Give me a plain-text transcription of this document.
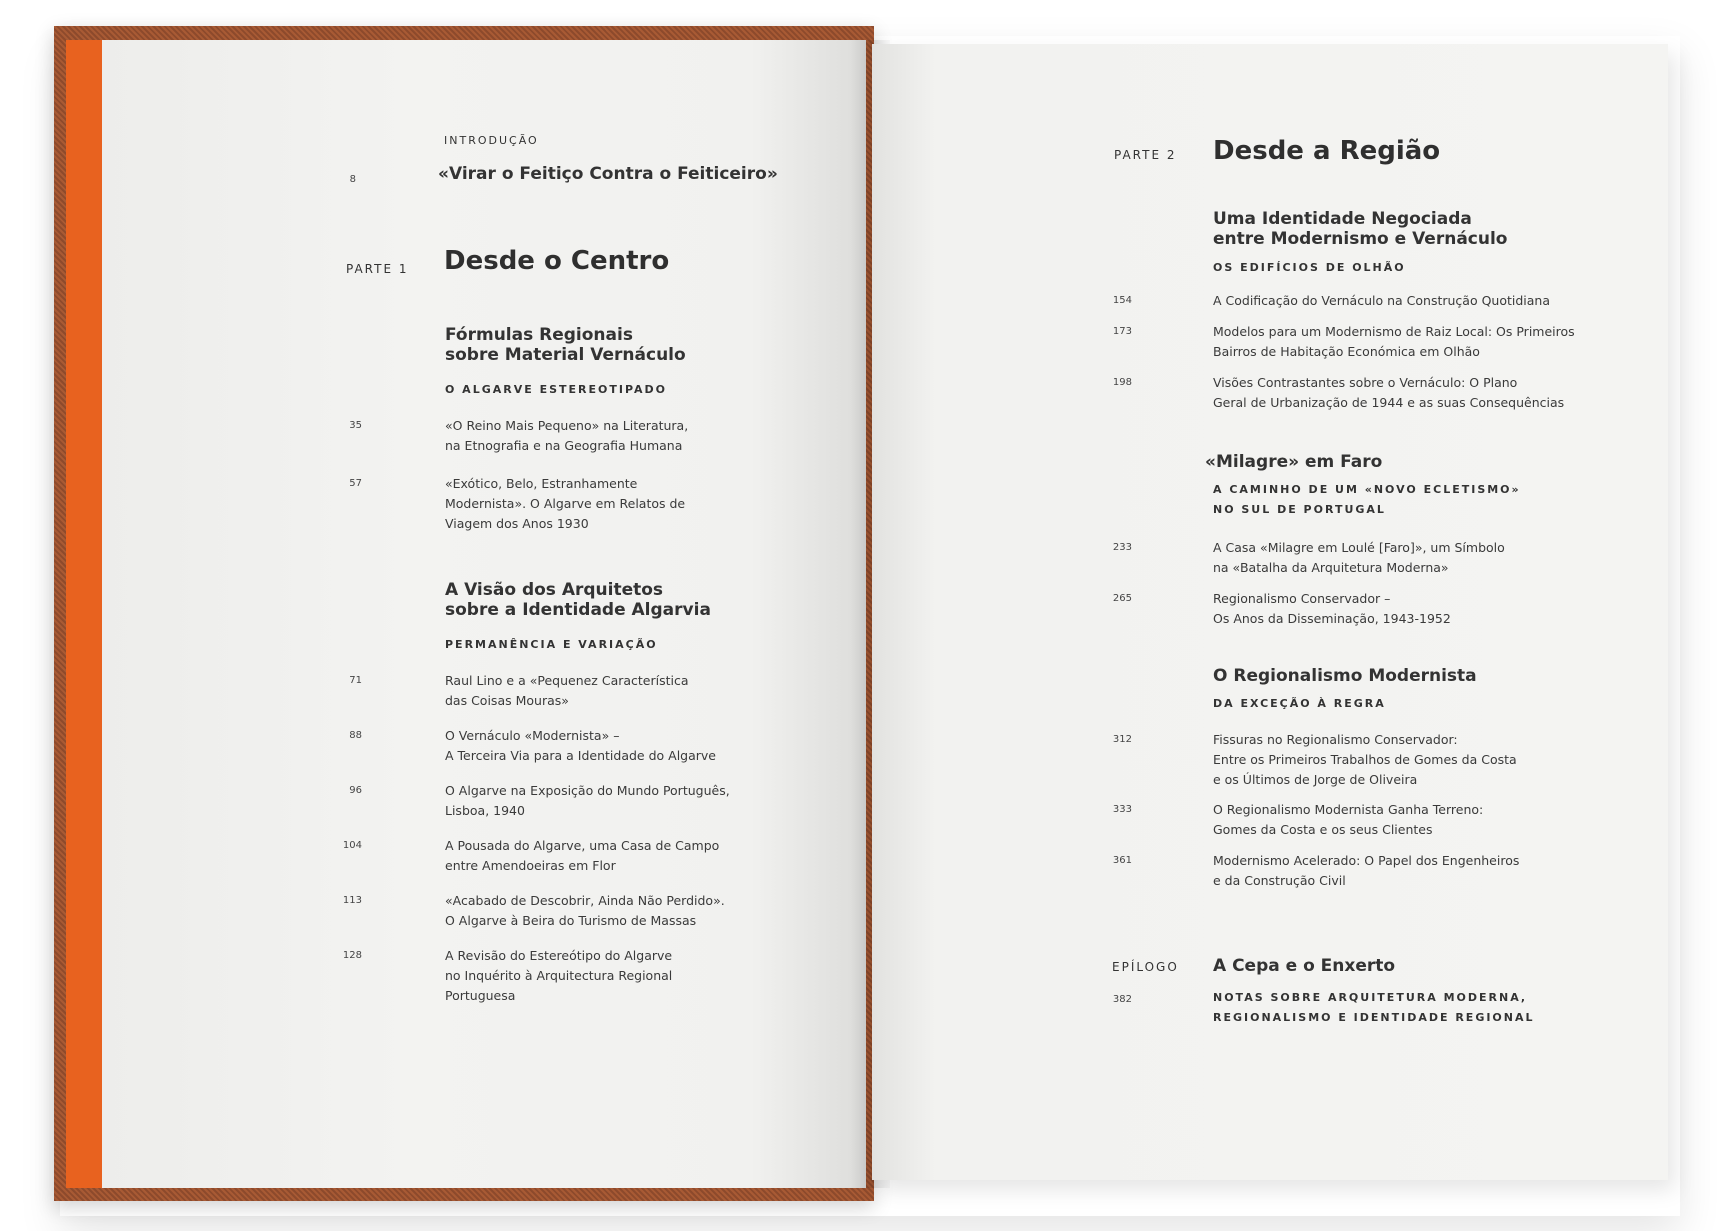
INTRODUÇÃO
8	«Virar o Feitiço Contra o Feiticeiro»
PARTE 1 Desde o Centro
Fórmulas Regionais
sobre Material Vernáculo
O ALGARVE ESTEREOTIPADO
35	«O Reino Mais Pequeno» na Literatura,
na Etnografia e na Geografia Humana
57	«Exótico, Belo, Estranhamente
Modernista». O Algarve em Relatos de
Viagem dos Anos 1930
A Visão dos Arquitetos
sobre a Identidade Algarvia
PERMANÊNCIA E VARIAÇÃO
71	Raul Lino e a «Pequenez Característica
das Coisas Mouras»
88	O Vernáculo «Modernista» –
A Terceira Via para a Identidade do Algarve
96	O Algarve na Exposição do Mundo Português,
Lisboa, 1940
104	A Pousada do Algarve, uma Casa de Campo
entre Amendoeiras em Flor
113	«Acabado de Descobrir, Ainda Não Perdido».
O Algarve à Beira do Turismo de Massas
128	A Revisão do Estereótipo do Algarve
no Inquérito à Arquitectura Regional
Portuguesa
PARTE 2 Desde a Região
Uma Identidade Negociada
entre Modernismo e Vernáculo
OS EDIFÍCIOS DE OLHÃO
154	A Codificação do Vernáculo na Construção Quotidiana
173	Modelos para um Modernismo de Raiz Local: Os Primeiros
Bairros de Habitação Económica em Olhão
198	Visões Contrastantes sobre o Vernáculo: O Plano
Geral de Urbanização de 1944 e as suas Consequências
«Milagre» em Faro
A CAMINHO DE UM «NOVO ECLETISMO»
NO SUL DE PORTUGAL
233	A Casa «Milagre em Loulé [Faro]», um Símbolo
na «Batalha da Arquitetura Moderna»
265	Regionalismo Conservador –
Os Anos da Disseminação, 1943-1952
O Regionalismo Modernista
DA EXCEÇÃO À REGRA
312	Fissuras no Regionalismo Conservador:
Entre os Primeiros Trabalhos de Gomes da Costa
e os Últimos de Jorge de Oliveira
333	O Regionalismo Modernista Ganha Terreno:
Gomes da Costa e os seus Clientes
361	Modernismo Acelerado: O Papel dos Engenheiros
e da Construção Civil
EPÍLOGO A Cepa e o Enxerto
382	NOTAS SOBRE ARQUITETURA MODERNA,
REGIONALISMO E IDENTIDADE REGIONAL
